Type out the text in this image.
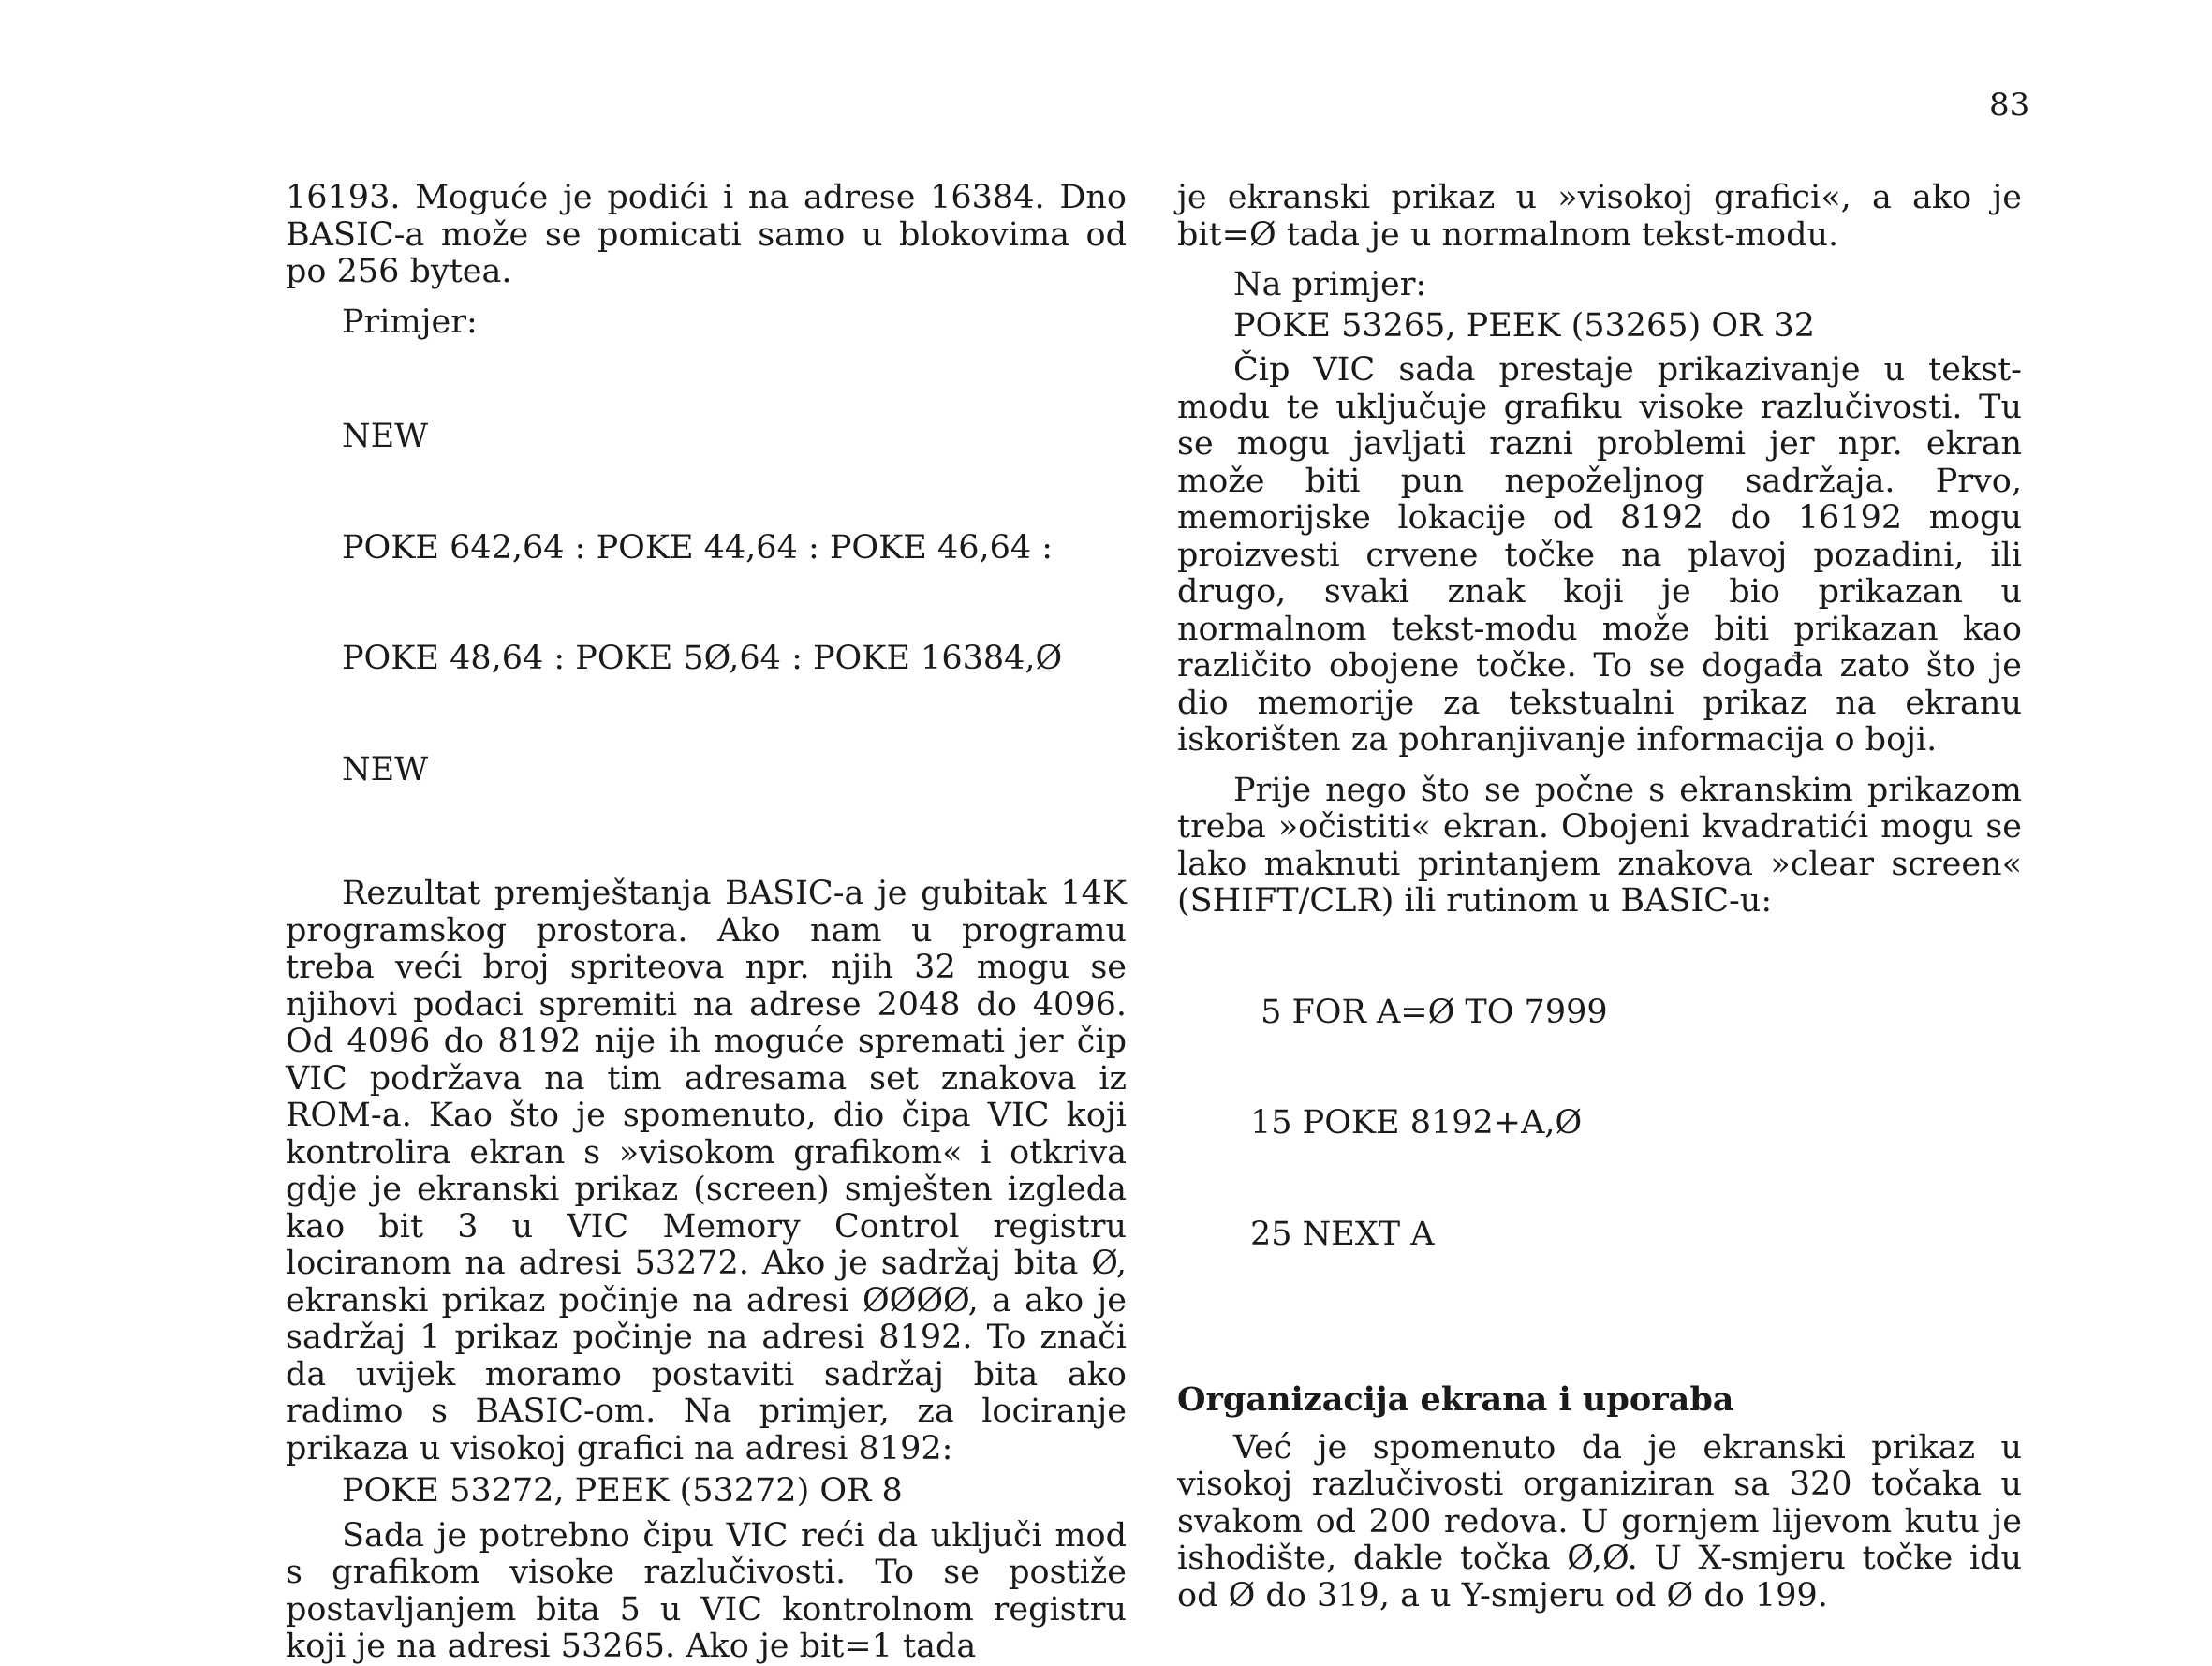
83

16193. Moguće je podići i na adrese 16384. Dno BASIC-a može se pomicati samo u blokovima od po 256 bytea.

Primjer:

NEW

POKE 642,64 : POKE 44,64 : POKE 46,64 :

POKE 48,64 : POKE 5Ø,64 : POKE 16384,Ø

NEW

Rezultat premještanja BASIC-a je gubitak 14K programskog prostora. Ako nam u programu treba veći broj spriteova npr. njih 32 mogu se njihovi podaci spremiti na adrese 2048 do 4096. Od 4096 do 8192 nije ih moguće spremati jer čip VIC podržava na tim adresama set znakova iz ROM-a. Kao što je spomenuto, dio čipa VIC koji kontrolira ekran s »visokom grafikom« i otkriva gdje je ekranski prikaz (screen) smješten izgleda kao bit 3 u VIC Memory Control registru lociranom na adresi 53272. Ako je sadržaj bita Ø, ekranski prikaz počinje na adresi ØØØØ, a ako je sadržaj 1 prikaz počinje na adresi 8192. To znači da uvijek moramo postaviti sadržaj bita ako radimo s BASIC-om. Na primjer, za lociranje prikaza u visokoj grafici na adresi 8192:

POKE 53272, PEEK (53272) OR 8

Sada je potrebno čipu VIC reći da uključi mod s grafikom visoke razlučivosti. To se postiže postavljanjem bita 5 u VIC kontrolnom registru koji je na adresi 53265. Ako je bit=1 tada

je ekranski prikaz u »visokoj grafici«, a ako je bit=Ø tada je u normalnom tekst-modu.

Na primjer:
POKE 53265, PEEK (53265) OR 32

Čip VIC sada prestaje prikazivanje u tekst-modu te uključuje grafiku visoke razlučivosti. Tu se mogu javljati razni problemi jer npr. ekran može biti pun nepoželjnog sadržaja. Prvo, memorijske lokacije od 8192 do 16192 mogu proizvesti crvene točke na plavoj pozadini, ili drugo, svaki znak koji je bio prikazan u normalnom tekst-modu može biti prikazan kao različito obojene točke. To se događa zato što je dio memorije za tekstualni prikaz na ekranu iskorišten za pohranjivanje informacija o boji.

Prije nego što se počne s ekranskim prikazom treba »očistiti« ekran. Obojeni kvadratići mogu se lako maknuti printanjem znakova »clear screen« (SHIFT/CLR) ili rutinom u BASIC-u:

5 FOR A=Ø TO 7999

15 POKE 8192+A,Ø

25 NEXT A

Organizacija ekrana i uporaba

Već je spomenuto da je ekranski prikaz u visokoj razlučivosti organiziran sa 320 točaka u svakom od 200 redova. U gornjem lijevom kutu je ishodište, dakle točka Ø,Ø. U X-smjeru točke idu od Ø do 319, a u Y-smjeru od Ø do 199.
